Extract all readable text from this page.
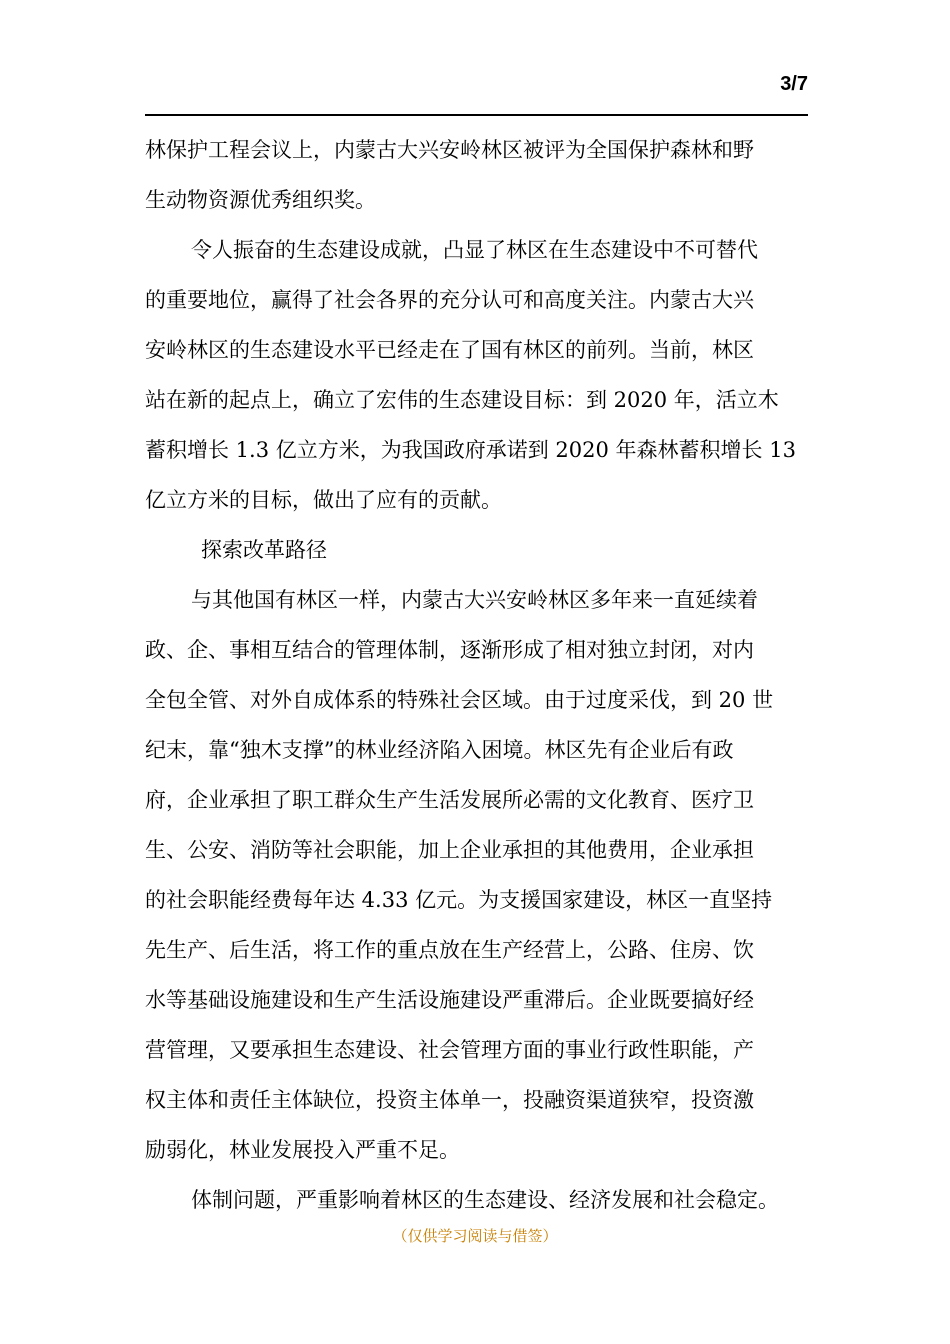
3/7
林保护工程会议上，内蒙古大兴安岭林区被评为全国保护森林和野
生动物资源优秀组织奖。
令人振奋的生态建设成就，凸显了林区在生态建设中不可替代
的重要地位，赢得了社会各界的充分认可和高度关注。内蒙古大兴
安岭林区的生态建设水平已经走在了国有林区的前列。当前，林区
站在新的起点上，确立了宏伟的生态建设目标：到 2020 年，活立木
蓄积增长 1.3 亿立方米，为我国政府承诺到 2020 年森林蓄积增长 13
亿立方米的目标，做出了应有的贡献。
探索改革路径
与其他国有林区一样，内蒙古大兴安岭林区多年来一直延续着
政、企、事相互结合的管理体制，逐渐形成了相对独立封闭，对内
全包全管、对外自成体系的特殊社会区域。由于过度采伐，到 20 世
纪末，靠“独木支撑”的林业经济陷入困境。林区先有企业后有政
府，企业承担了职工群众生产生活发展所必需的文化教育、医疗卫
生、公安、消防等社会职能，加上企业承担的其他费用，企业承担
的社会职能经费每年达 4.33 亿元。为支援国家建设，林区一直坚持
先生产、后生活，将工作的重点放在生产经营上，公路、住房、饮
水等基础设施建设和生产生活设施建设严重滞后。企业既要搞好经
营管理，又要承担生态建设、社会管理方面的事业行政性职能，产
权主体和责任主体缺位，投资主体单一，投融资渠道狭窄，投资激
励弱化，林业发展投入严重不足。
体制问题，严重影响着林区的生态建设、经济发展和社会稳定。
（仅供学习阅读与借签）
